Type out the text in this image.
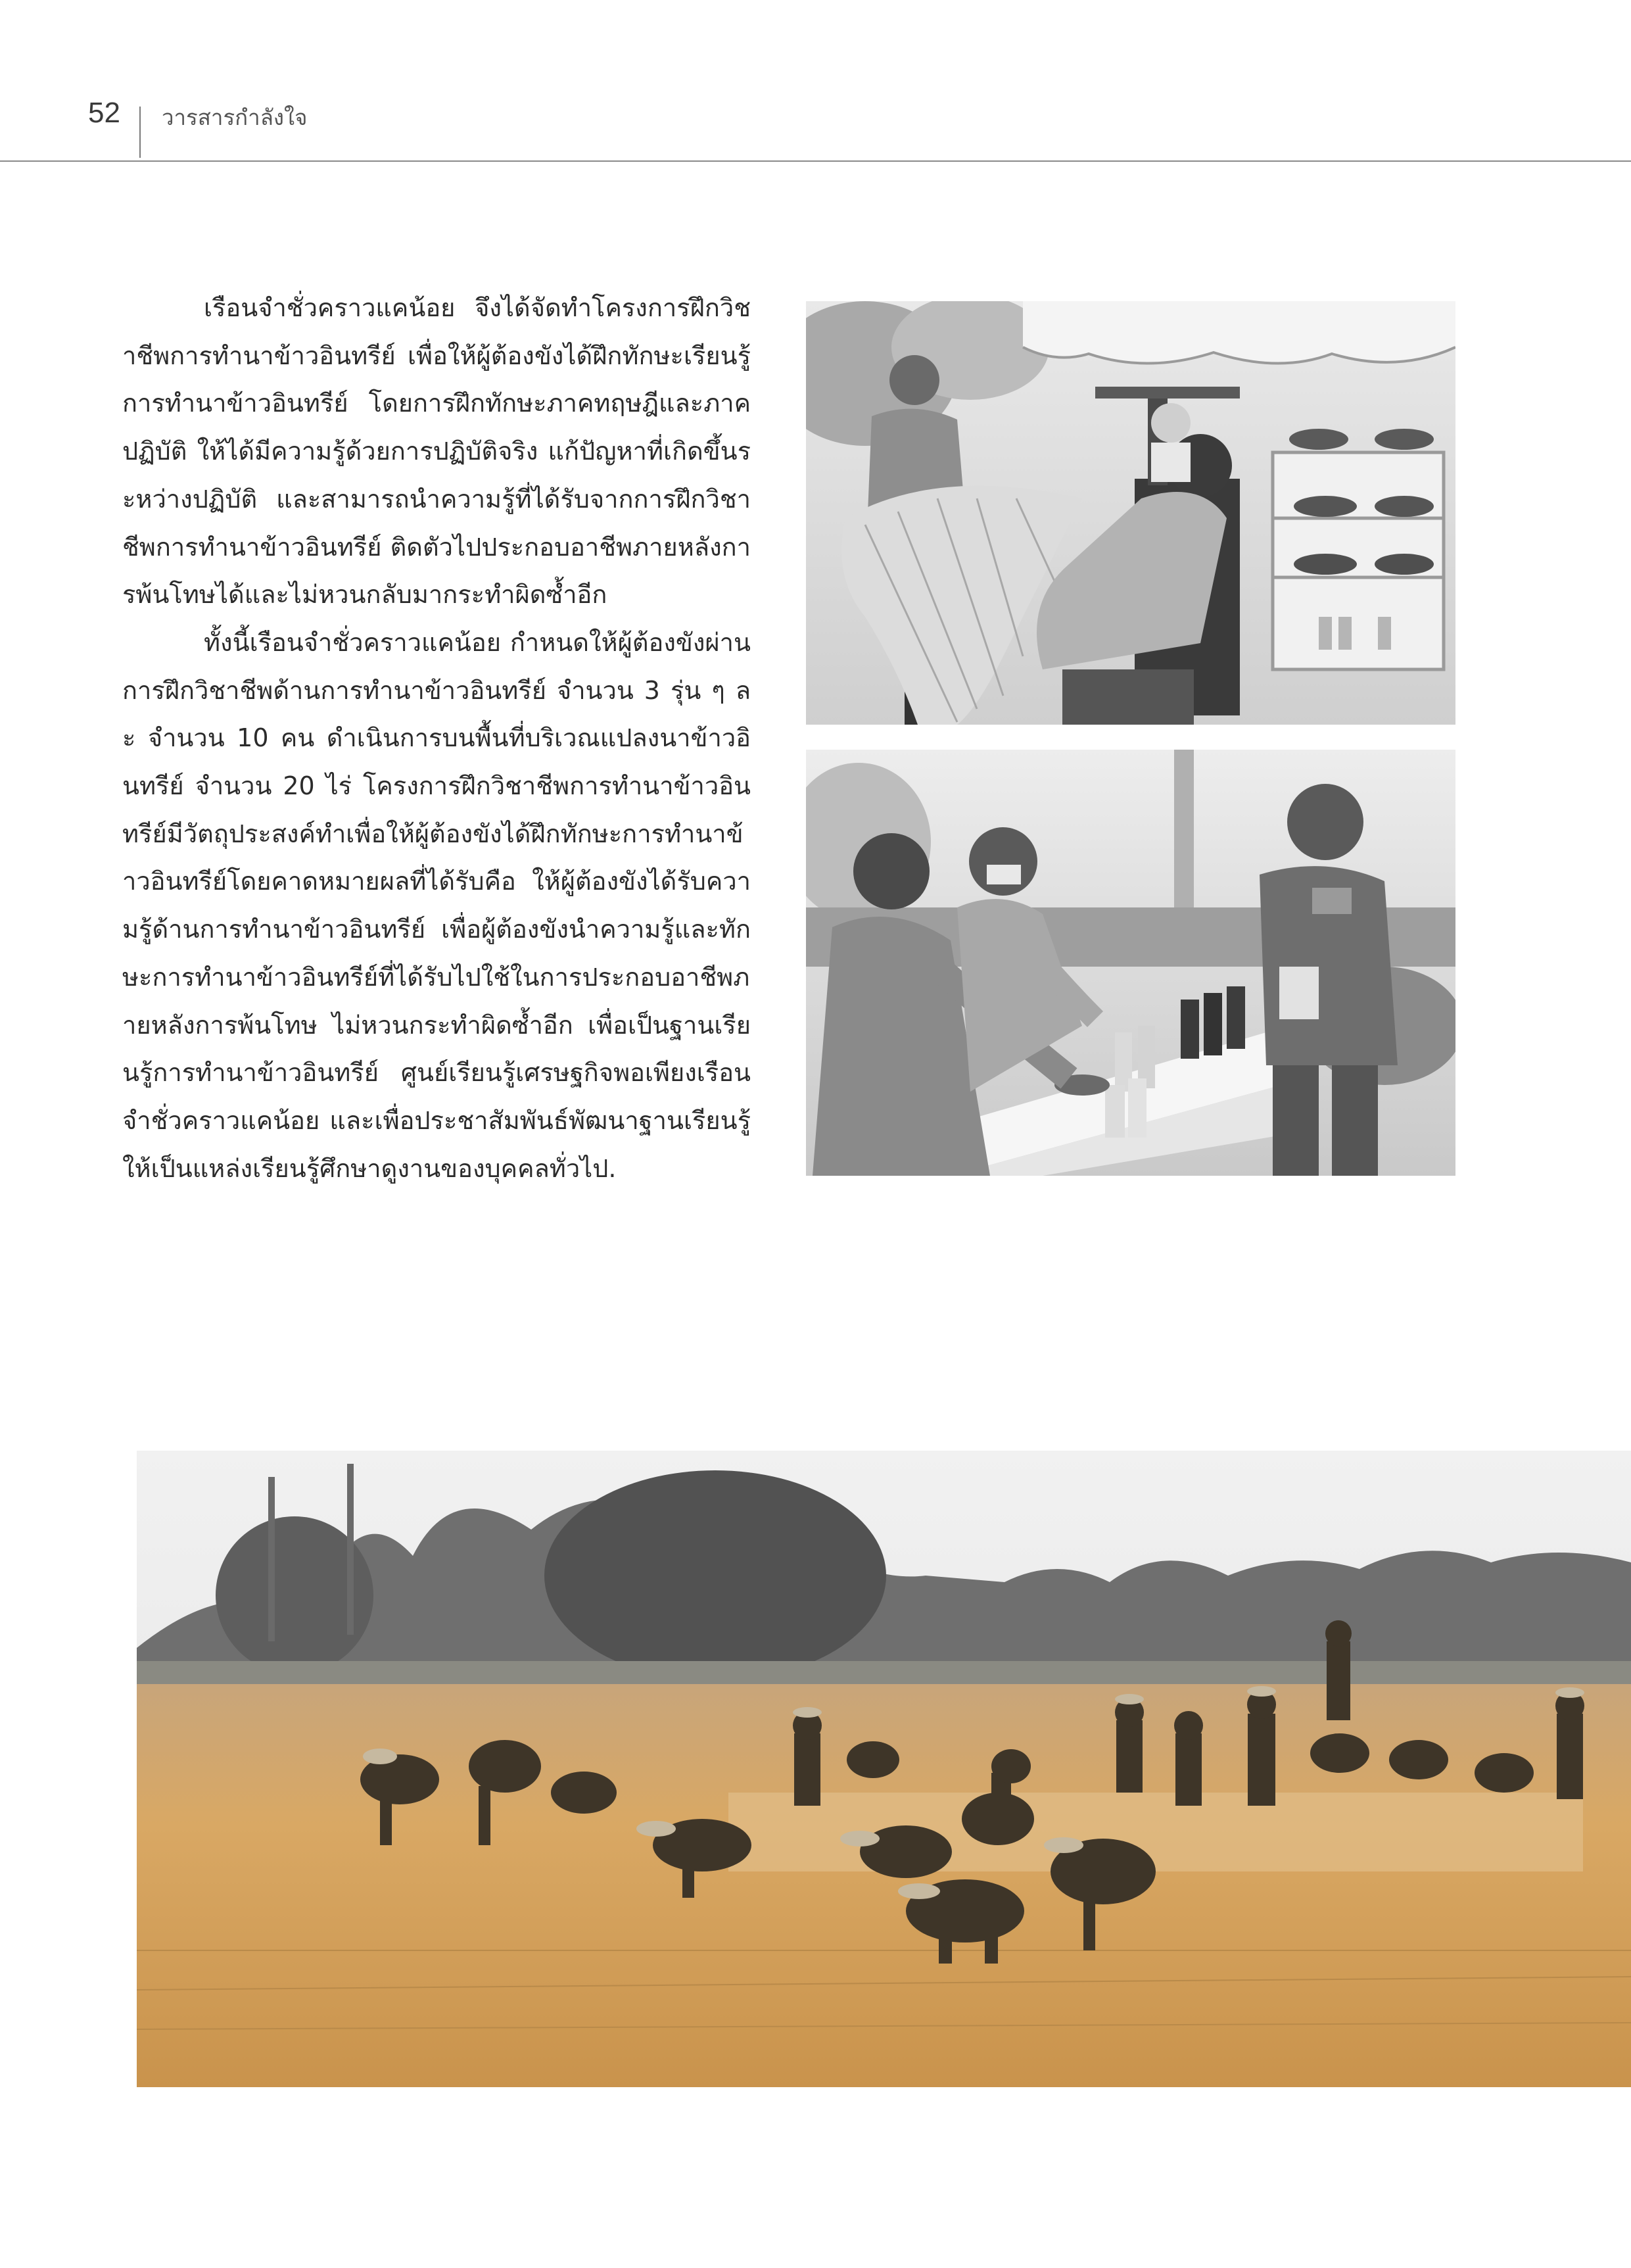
52 วารสารกำลังใจ

เรือนจำชั่วคราวแคน้อย จึงได้จัดทำโครงการฝึกวิชาชีพการทำนาข้าวอินทรีย์ เพื่อให้ผู้ต้องขังได้ฝึกทักษะเรียนรู้การทำนาข้าวอินทรีย์ โดยการฝึกทักษะภาคทฤษฎีและภาคปฏิบัติ ให้ได้มีความรู้ด้วยการปฏิบัติจริง แก้ปัญหาที่เกิดขึ้นระหว่างปฏิบัติ และสามารถนำความรู้ที่ได้รับจากการฝึกวิชาชีพการทำนาข้าวอินทรีย์ ติดตัวไปประกอบอาชีพภายหลังการพ้นโทษได้และไม่หวนกลับมากระทำผิดซ้ำอีก

ทั้งนี้เรือนจำชั่วคราวแคน้อย กำหนดให้ผู้ต้องขังผ่านการฝึกวิชาชีพด้านการทำนาข้าวอินทรีย์ จำนวน 3 รุ่น ๆ ละ จำนวน 10 คน ดำเนินการบนพื้นที่บริเวณแปลงนาข้าวอินทรีย์ จำนวน 20 ไร่ โครงการฝึกวิชาชีพการทำนาข้าวอินทรีย์มีวัตถุประสงค์ทำเพื่อให้ผู้ต้องขังได้ฝึกทักษะการทำนาข้าวอินทรีย์โดยคาดหมายผลที่ได้รับคือ ให้ผู้ต้องขังได้รับความรู้ด้านการทำนาข้าวอินทรีย์ เพื่อผู้ต้องขังนำความรู้และทักษะการทำนาข้าวอินทรีย์ที่ได้รับไปใช้ในการประกอบอาชีพภายหลังการพ้นโทษ ไม่หวนกระทำผิดซ้ำอีก เพื่อเป็นฐานเรียนรู้การทำนาข้าวอินทรีย์ ศูนย์เรียนรู้เศรษฐกิจพอเพียงเรือนจำชั่วคราวแคน้อย และเพื่อประชาสัมพันธ์พัฒนาฐานเรียนรู้ให้เป็นแหล่งเรียนรู้ศึกษาดูงานของบุคคลทั่วไป.
